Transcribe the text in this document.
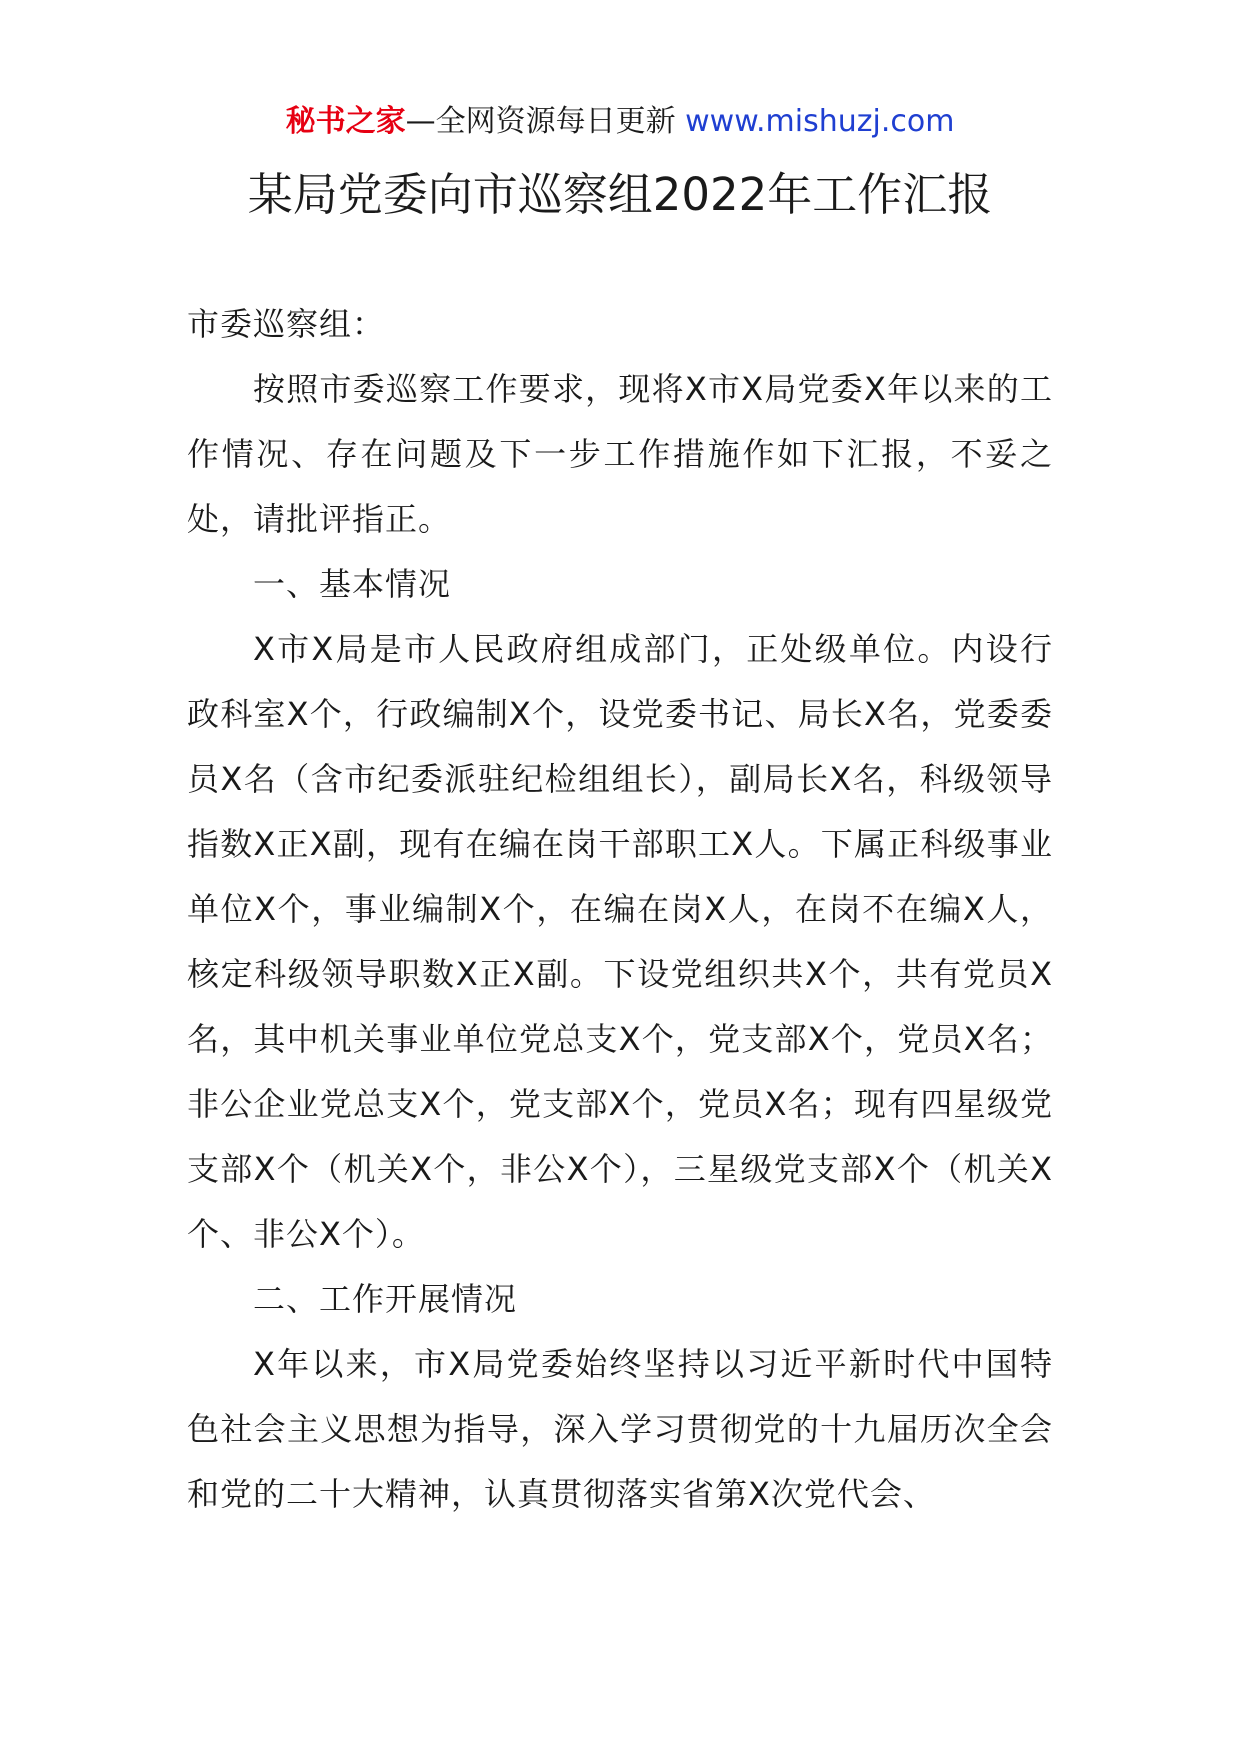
秘书之家—全网资源每日更新 www.mishuzj.com
某局党委向市巡察组2022年工作汇报

市委巡察组：

按照市委巡察工作要求，现将X市X局党委X年以来的工作情况、存在问题及下一步工作措施作如下汇报，不妥之处，请批评指正。

一、基本情况

X市X局是市人民政府组成部门，正处级单位。内设行政科室X个，行政编制X个，设党委书记、局长X名，党委委员X名（含市纪委派驻纪检组组长），副局长X名，科级领导指数X正X副，现有在编在岗干部职工X人。下属正科级事业单位X个，事业编制X个，在编在岗X人，在岗不在编X人，核定科级领导职数X正X副。下设党组织共X个，共有党员X名，其中机关事业单位党总支X个，党支部X个，党员X名；非公企业党总支X个，党支部X个，党员X名；现有四星级党支部X个（机关X个，非公X个），三星级党支部X个（机关X个、非公X个）。

二、工作开展情况

X年以来，市X局党委始终坚持以习近平新时代中国特色社会主义思想为指导，深入学习贯彻党的十九届历次全会和党的二十大精神，认真贯彻落实省第X次党代会、
